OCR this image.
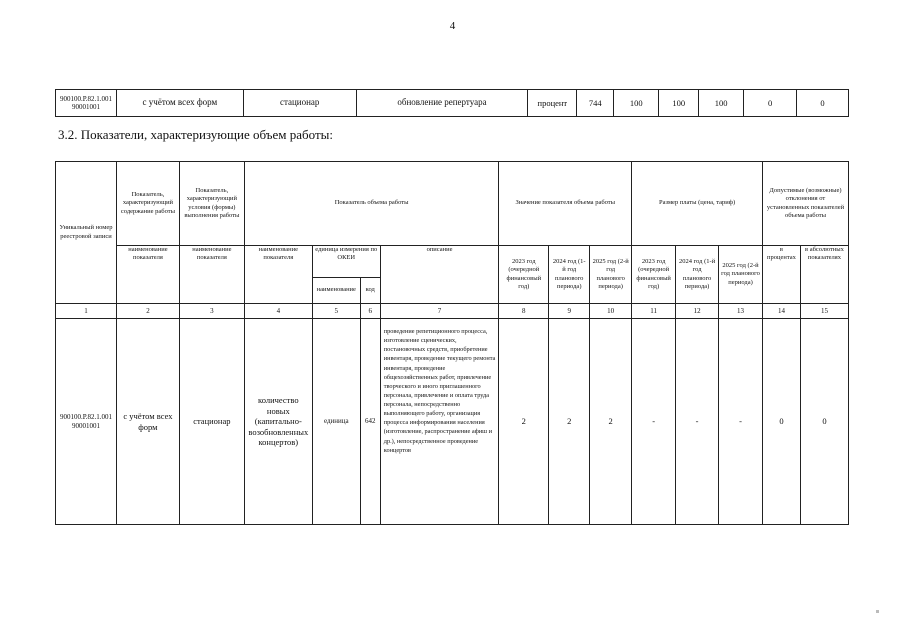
4
900100.Р.82.1.001 90001001	с учётом всех форм	стационар	обновление репертуара	процент	744	100	100	100	0	0
3.2. Показатели, характеризующие объем работы:
Уникальный номер реестровой записи	Показатель, характеризующий содержание работы	Показатель, характеризующий условия (формы) выполнения работы	Показатель объема работы				Значение показателя объема работы			Размер платы (цена, тариф)			Допустимые (возможные) отклонения от установленных показателей объема работы	
	наименование показателя	наименование показателя	наименование показателя	единица измерения по ОКЕИ		описание	2023 год (очередной финансовый год)	2024 год (1-й год планового периода)	2025 год (2-й год планового периода)	2023 год (очередной финансовый год)	2024 год (1-й год планового периода)	2025 год (2-й год планового периода)	в процентах	в абсолютных показателях
				наименование	код									
1	2	3	4	5	6	7	8	9	10	11	12	13	14	15
900100.Р.82.1.001 90001001	с учётом всех форм	стационар	количество новых (капитально-возобновленных концертов)	единица	642	проведение репетиционного процесса, изготовление сценических, постановочных средств, приобретение инвентаря, проведение текущего ремонта инвентаря, проведение общехозяйственных работ, привлечение творческого и иного приглашенного персонала, привлечение и оплата труда персонала, непосредственно выполняющего работу, организация процесса информирования населения (изготовление, распространение афиш и др.), непосредственное проведение концертов	2	2	2	-	-	-	0	0
